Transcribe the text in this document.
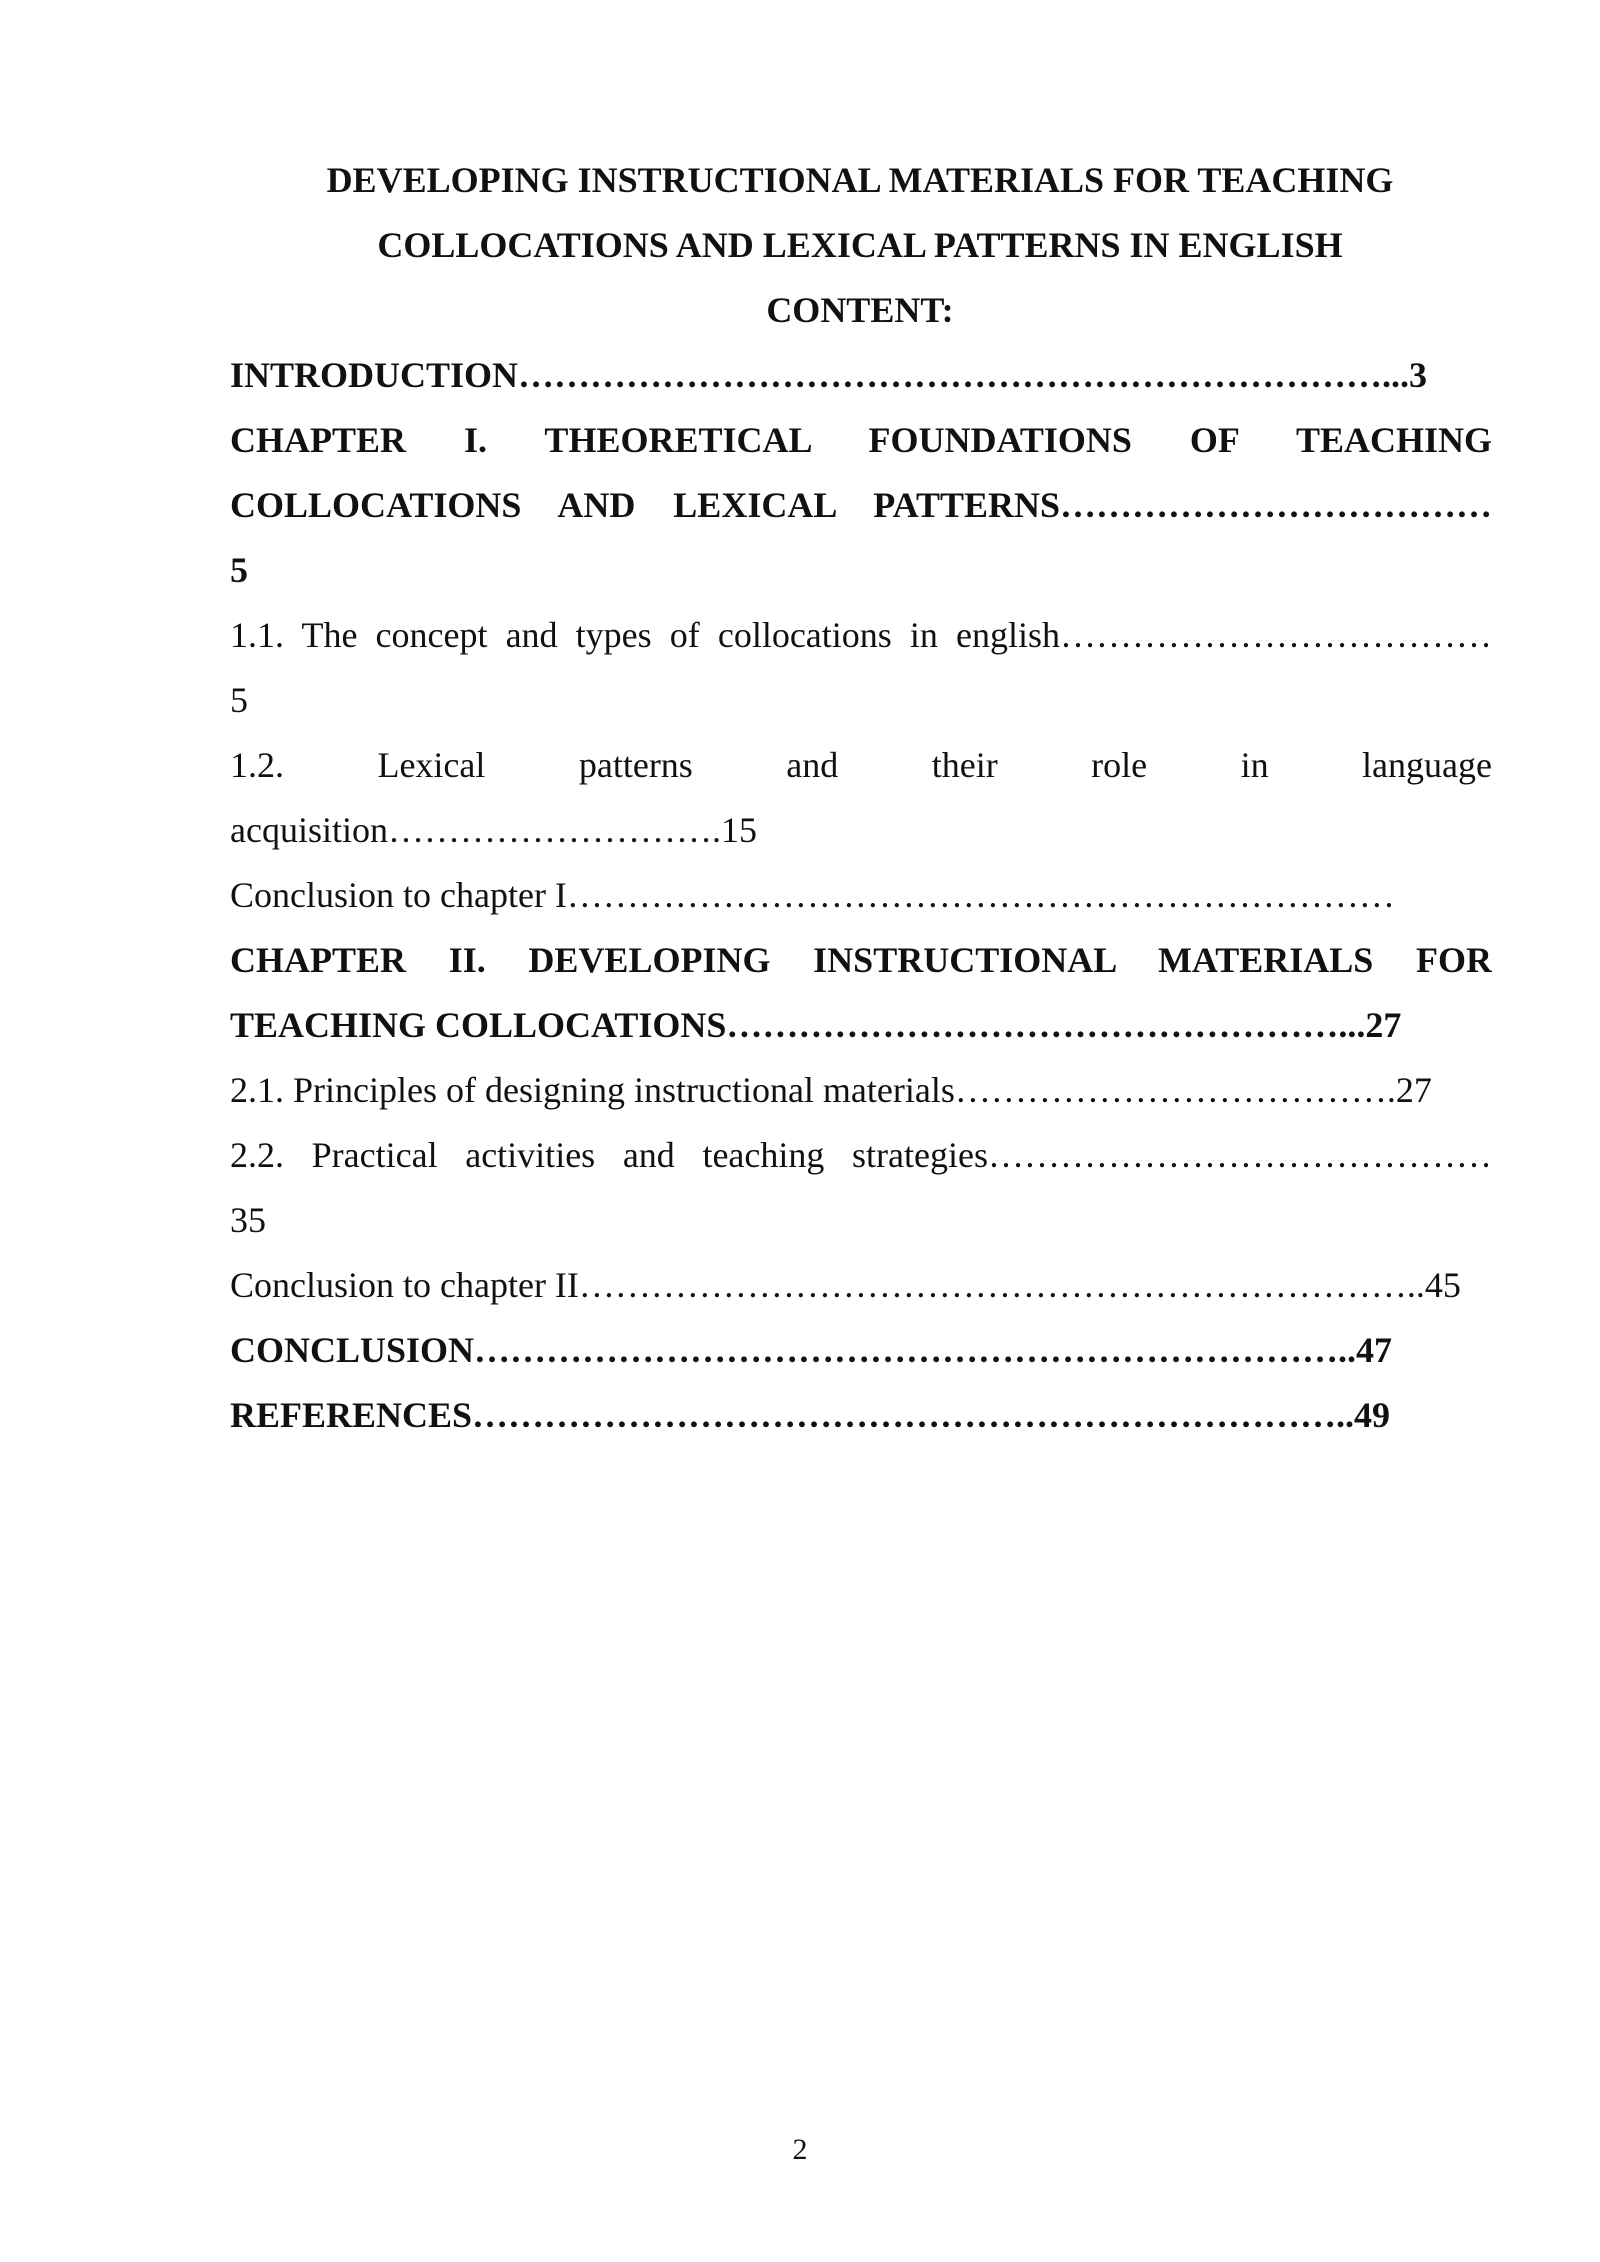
DEVELOPING INSTRUCTIONAL MATERIALS FOR TEACHING
COLLOCATIONS AND LEXICAL PATTERNS IN ENGLISH
CONTENT:
INTRODUCTION………………………………………………………………...3
CHAPTER I. THEORETICAL FOUNDATIONS OF TEACHING
COLLOCATIONS AND LEXICAL PATTERNS………………………………
5
1.1. The concept and types of collocations in english………………………………
5
1.2. Lexical patterns and their role in language
acquisition……………………….15
Conclusion to chapter I……………………………………………………………
CHAPTER II. DEVELOPING INSTRUCTIONAL MATERIALS FOR
TEACHING COLLOCATIONS……………………………………………...27
2.1. Principles of designing instructional materials……………………………….27
2.2. Practical activities and teaching strategies……………………………………
35
Conclusion to chapter II……………………………………………………………..45
CONCLUSION………………………………………………………………..47
REFERENCES………………………………………………………………..49
2
